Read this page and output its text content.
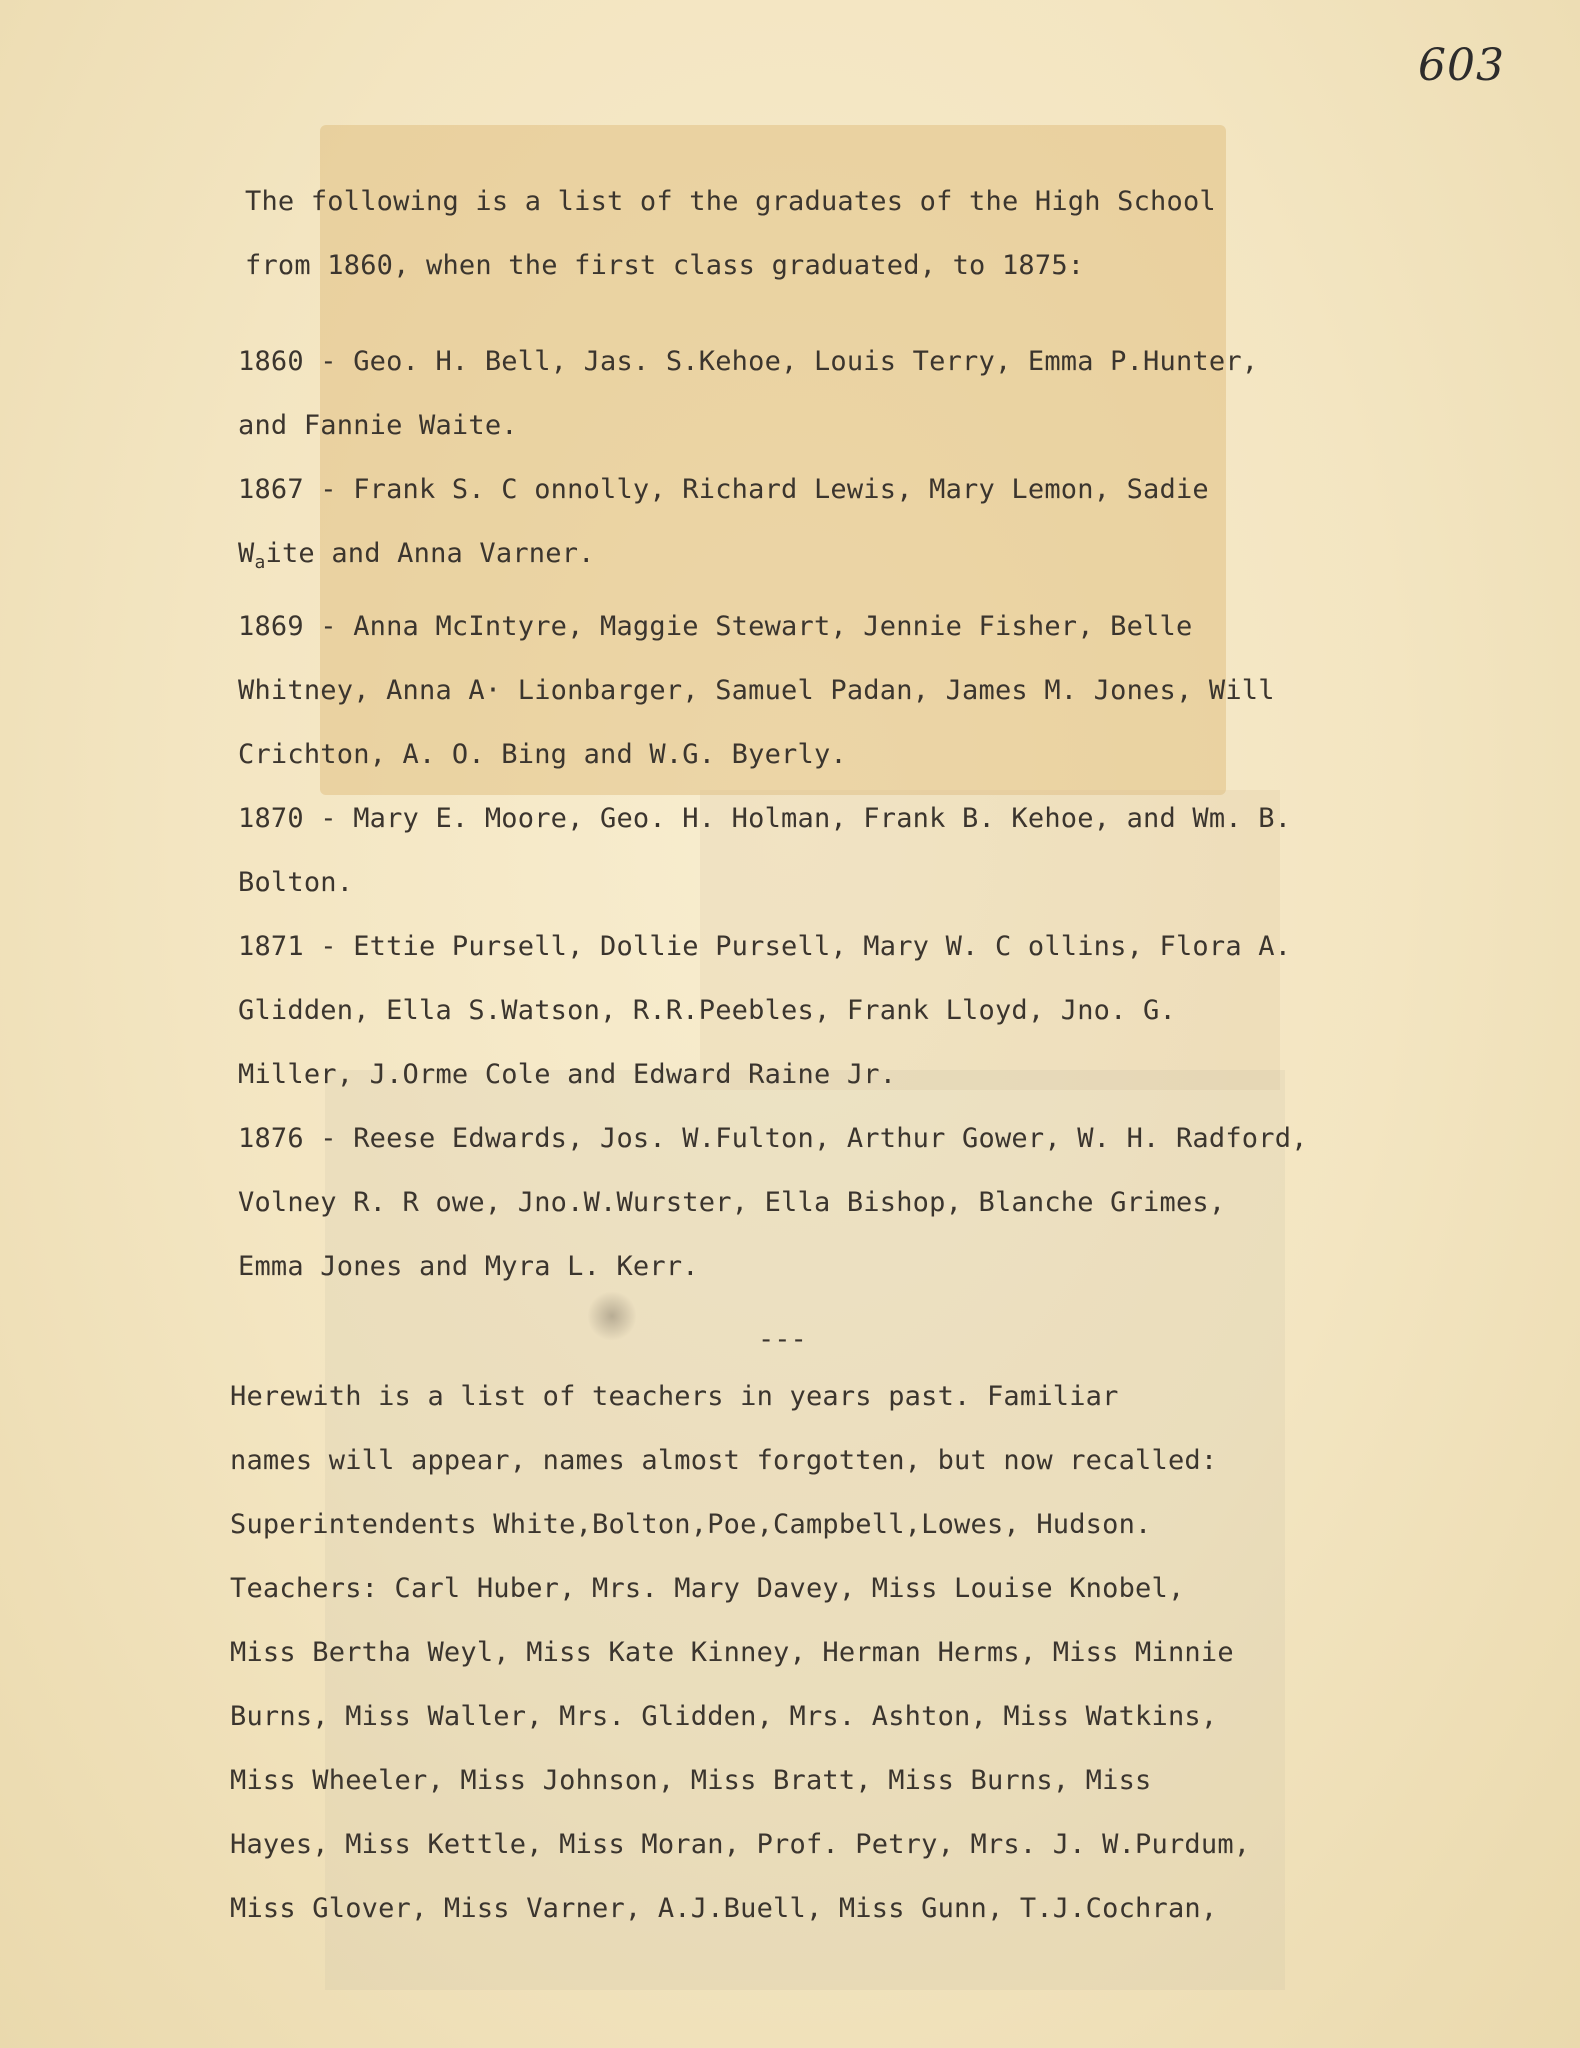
603
The following is a list of the graduates of the High School
from 1860, when the first class graduated, to 1875:
1860 - Geo. H. Bell, Jas. S.Kehoe, Louis Terry, Emma P.Hunter,
and Fannie Waite.
1867 - Frank S. C onnolly, Richard Lewis, Mary Lemon, Sadie
$W_aite$ and Anna Varner.
1869 - Anna McIntyre, Maggie Stewart, Jennie Fisher, Belle
Whitney, Anna A· Lionbarger, Samuel Padan, James M. Jones, Will
Crichton, A. O. Bing and W.G. Byerly.
1870 - Mary E. Moore, Geo. H. Holman, Frank B. Kehoe, and Wm. B.
Bolton.
1871 - Ettie Pursell, Dollie Pursell, Mary W. C ollins, Flora A.
Glidden, Ella S.Watson, R.R.Peebles, Frank Lloyd, Jno. G.
Miller, J.Orme Cole and Edward Raine Jr.
1876 - Reese Edwards, Jos. W.Fulton, Arthur Gower, W. H. Radford,
Volney R. R owe, Jno.W.Wurster, Ella Bishop, Blanche Grimes,
Emma Jones and Myra L. Kerr.
---
Herewith is a list of teachers in years past. Familiar
names will appear, names almost forgotten, but now recalled:
Superintendents White,Bolton,Poe,Campbell,Lowes, Hudson.
Teachers: Carl Huber, Mrs. Mary Davey, Miss Louise Knobel,
Miss Bertha Weyl, Miss Kate Kinney, Herman Herms, Miss Minnie
Burns, Miss Waller, Mrs. Glidden, Mrs. Ashton, Miss Watkins,
Miss Wheeler, Miss Johnson, Miss Bratt, Miss Burns, Miss
Hayes, Miss Kettle, Miss Moran, Prof. Petry, Mrs. J. W.Purdum,
Miss Glover, Miss Varner, A.J.Buell, Miss Gunn, T.J.Cochran,
